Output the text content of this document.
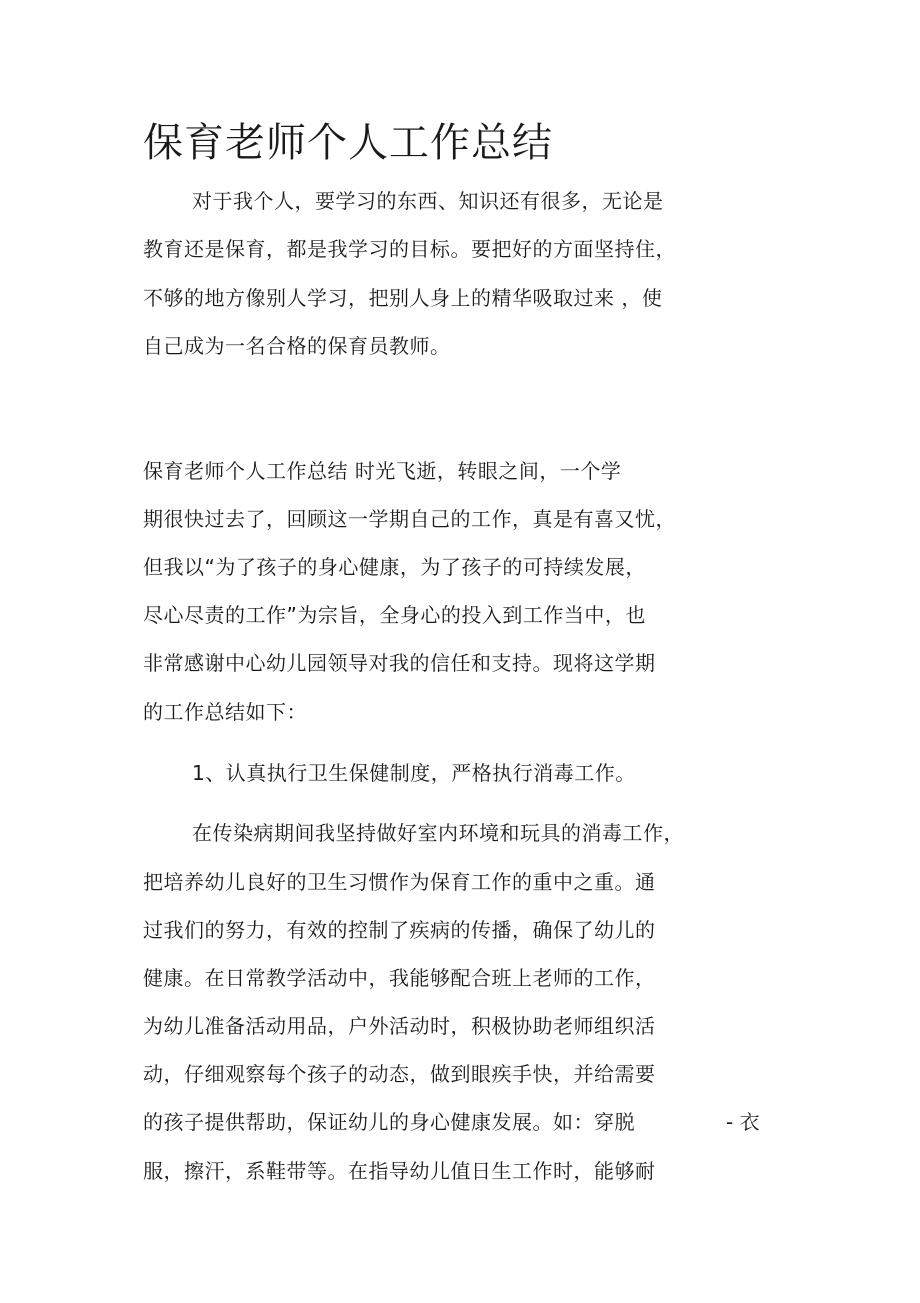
保育老师个人工作总结
对于我个人，要学习的东西、知识还有很多，无论是
教育还是保育，都是我学习的目标。要把好的方面坚持住，
不够的地方像别人学习，把别人身上的精华吸取过来 ，使
自己成为一名合格的保育员教师。
保育老师个人工作总结 时光飞逝，转眼之间，一个学
期很快过去了，回顾这一学期自己的工作，真是有喜又忧，
但我以“为了孩子的身心健康，为了孩子的可持续发展，
尽心尽责的工作”为宗旨，全身心的投入到工作当中，也
非常感谢中心幼儿园领导对我的信任和支持。现将这学期
的工作总结如下：
1、认真执行卫生保健制度，严格执行消毒工作。
在传染病期间我坚持做好室内环境和玩具的消毒工作，
把培养幼儿良好的卫生习惯作为保育工作的重中之重。通
过我们的努力，有效的控制了疾病的传播，确保了幼儿的
健康。在日常教学活动中，我能够配合班上老师的工作，
为幼儿准备活动用品，户外活动时，积极协助老师组织活
动，仔细观察每个孩子的动态，做到眼疾手快，并给需要
的孩子提供帮助，保证幼儿的身心健康发展。如：穿脱	- 衣
服，擦汗，系鞋带等。在指导幼儿值日生工作时，能够耐
